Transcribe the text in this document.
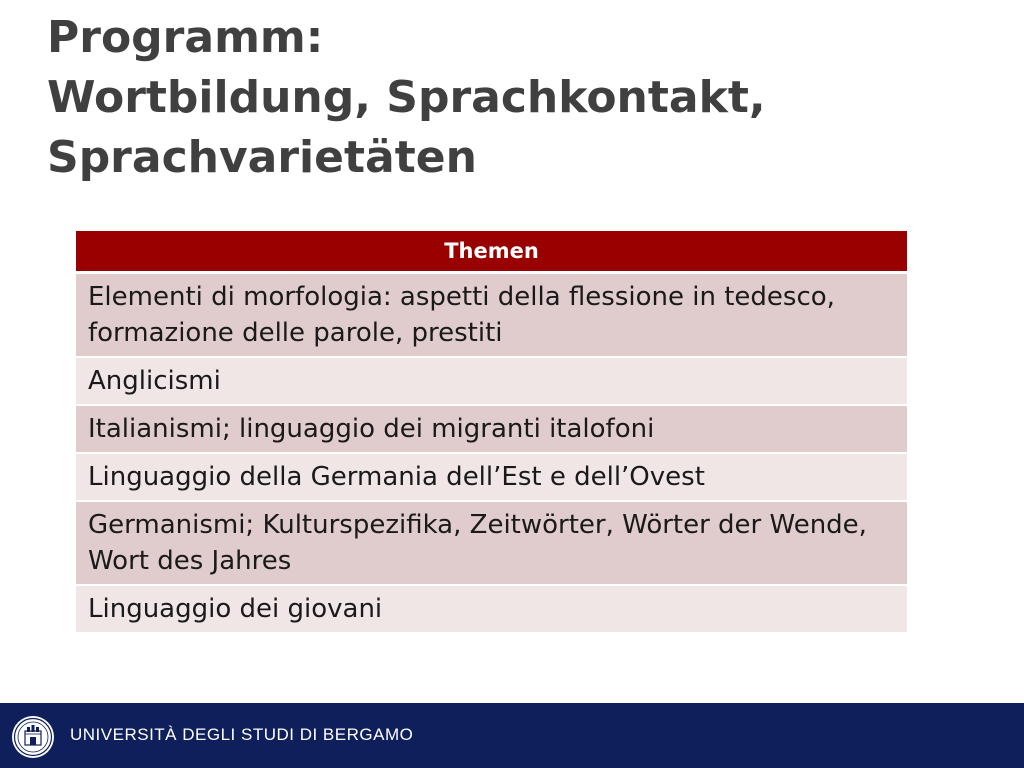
Programm:
Wortbildung, Sprachkontakt,
Sprachvarietäten
Themen
Elementi di morfologia: aspetti della flessione in tedesco, formazione delle parole, prestiti
Anglicismi
Italianismi; linguaggio dei migranti italofoni
Linguaggio della Germania dell’Est e dell’Ovest
Germanismi; Kulturspezifika, Zeitwörter, Wörter der Wende, Wort des Jahres
Linguaggio dei giovani
UNIVERSITÀ DEGLI STUDI DI BERGAMO
